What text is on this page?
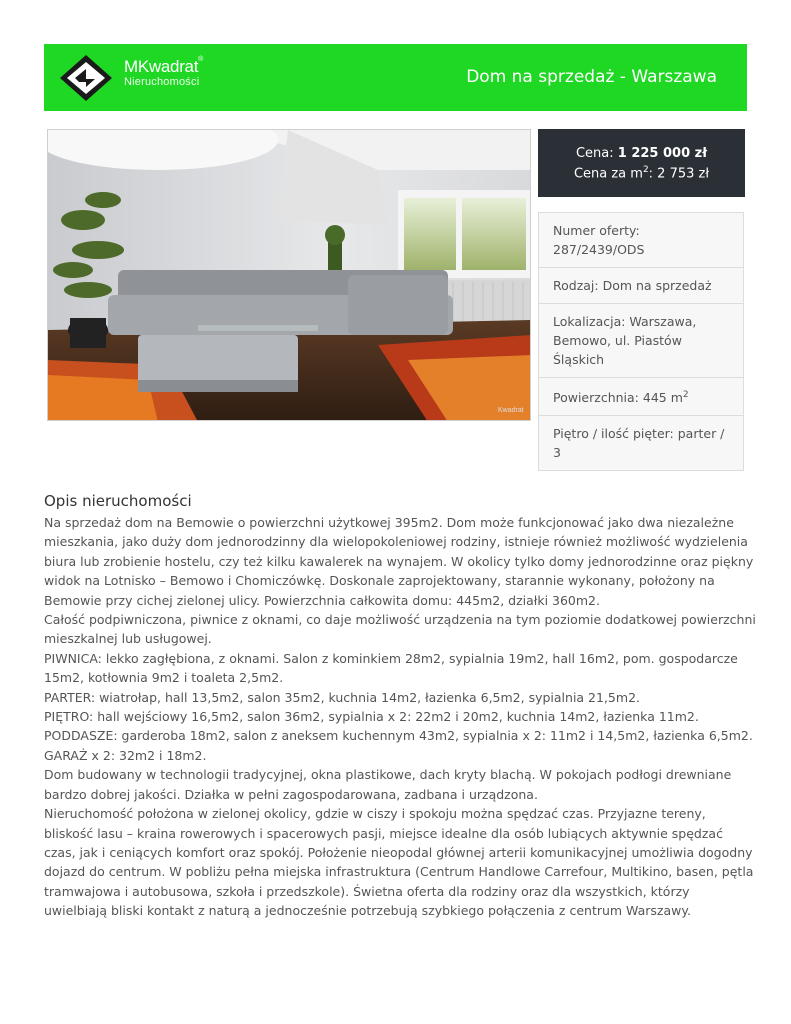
MKwadrat®
Nieruchomości	Dom na sprzedaż - Warszawa
Kwadrat
Cena: 1 225 000 zł
Cena za $m^2$: 2 753 zł
Numer oferty: 287/2439/ODS
Rodzaj: Dom na sprzedaż
Lokalizacja: Warszawa, Bemowo, ul. Piastów Śląskich
Powierzchnia: 445 $m^2$
Piętro / ilość pięter: parter / 3
Opis nieruchomości

Na sprzedaż dom na Bemowie o powierzchni użytkowej 395m2. Dom może funkcjonować jako dwa niezależne mieszkania, jako duży dom jednorodzinny dla wielopokoleniowej rodziny, istnieje również możliwość wydzielenia biura lub zrobienie hostelu, czy też kilku kawalerek na wynajem. W okolicy tylko domy jednorodzinne oraz piękny widok na Lotnisko – Bemowo i Chomiczówkę. Doskonale zaprojektowany, starannie wykonany, położony na Bemowie przy cichej zielonej ulicy. Powierzchnia całkowita domu: 445m2, działki 360m2.

Całość podpiwniczona, piwnice z oknami, co daje możliwość urządzenia na tym poziomie dodatkowej powierzchni mieszkalnej lub usługowej.

PIWNICA: lekko zagłębiona, z oknami. Salon z kominkiem 28m2, sypialnia 19m2, hall 16m2, pom. gospodarcze 15m2, kotłownia 9m2 i toaleta 2,5m2.

PARTER: wiatrołap, hall 13,5m2, salon 35m2, kuchnia 14m2, łazienka 6,5m2, sypialnia 21,5m2.

PIĘTRO: hall wejściowy 16,5m2, salon 36m2, sypialnia x 2: 22m2 i 20m2, kuchnia 14m2, łazienka 11m2.

PODDASZE: garderoba 18m2, salon z aneksem kuchennym 43m2, sypialnia x 2: 11m2 i 14,5m2, łazienka 6,5m2.

GARAŻ x 2: 32m2 i 18m2.

Dom budowany w technologii tradycyjnej, okna plastikowe, dach kryty blachą. W pokojach podłogi drewniane bardzo dobrej jakości. Działka w pełni zagospodarowana, zadbana i urządzona.

Nieruchomość położona w zielonej okolicy, gdzie w ciszy i spokoju można spędzać czas. Przyjazne tereny, bliskość lasu – kraina rowerowych i spacerowych pasji, miejsce idealne dla osób lubiących aktywnie spędzać czas, jak i ceniących komfort oraz spokój. Położenie nieopodal głównej arterii komunikacyjnej umożliwia dogodny dojazd do centrum. W pobliżu pełna miejska infrastruktura (Centrum Handlowe Carrefour, Multikino, basen, pętla tramwajowa i autobusowa, szkoła i przedszkole). Świetna oferta dla rodziny oraz dla wszystkich, którzy uwielbiają bliski kontakt z naturą a jednocześnie potrzebują szybkiego połączenia z centrum Warszawy.
